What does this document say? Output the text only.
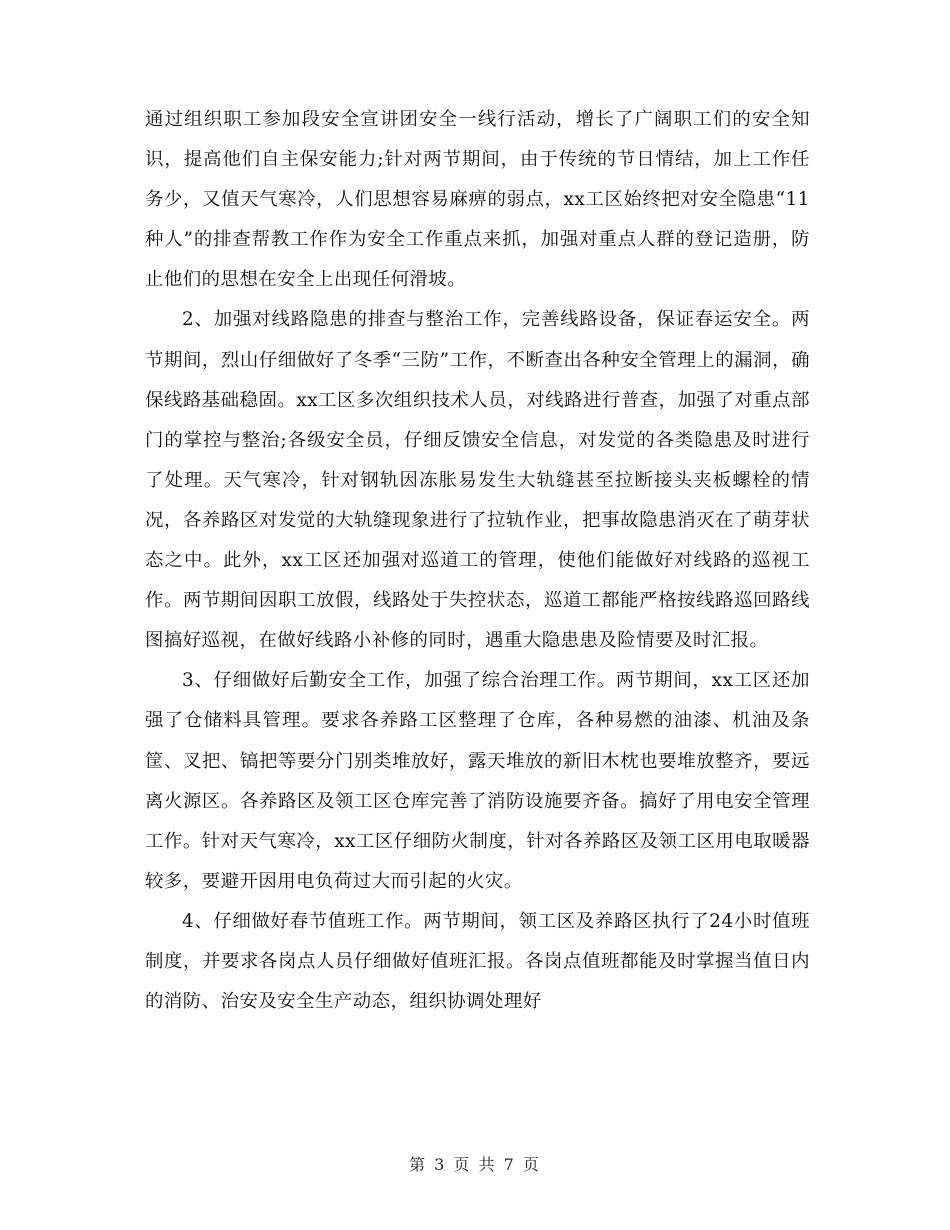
通过组织职工参加段安全宣讲团安全一线行活动，增长了广阔职工们的安全知识，提高他们自主保安能力;针对两节期间，由于传统的节日情结，加上工作任务少，又值天气寒冷，人们思想容易麻痹的弱点，xx工区始终把对安全隐患“11种人”的排查帮教工作作为安全工作重点来抓，加强对重点人群的登记造册，防止他们的思想在安全上出现任何滑坡。

2、加强对线路隐患的排查与整治工作，完善线路设备，保证春运安全。两节期间，烈山仔细做好了冬季“三防”工作，不断查出各种安全管理上的漏洞，确保线路基础稳固。xx工区多次组织技术人员，对线路进行普查，加强了对重点部门的掌控与整治;各级安全员，仔细反馈安全信息，对发觉的各类隐患及时进行了处理。天气寒冷，针对钢轨因冻胀易发生大轨缝甚至拉断接头夹板螺栓的情况，各养路区对发觉的大轨缝现象进行了拉轨作业，把事故隐患消灭在了萌芽状态之中。此外，xx工区还加强对巡道工的管理，使他们能做好对线路的巡视工作。两节期间因职工放假，线路处于失控状态，巡道工都能严格按线路巡回路线图搞好巡视，在做好线路小补修的同时，遇重大隐患患及险情要及时汇报。

3、仔细做好后勤安全工作，加强了综合治理工作。两节期间，xx工区还加强了仓储料具管理。要求各养路工区整理了仓库，各种易燃的油漆、机油及条筐、叉把、镐把等要分门别类堆放好，露天堆放的新旧木枕也要堆放整齐，要远离火源区。各养路区及领工区仓库完善了消防设施要齐备。搞好了用电安全管理工作。针对天气寒冷，xx工区仔细防火制度，针对各养路区及领工区用电取暖器较多，要避开因用电负荷过大而引起的火灾。

4、仔细做好春节值班工作。两节期间，领工区及养路区执行了24小时值班制度，并要求各岗点人员仔细做好值班汇报。各岗点值班都能及时掌握当值日内的消防、治安及安全生产动态，组织协调处理好

第 3 页 共 7 页
